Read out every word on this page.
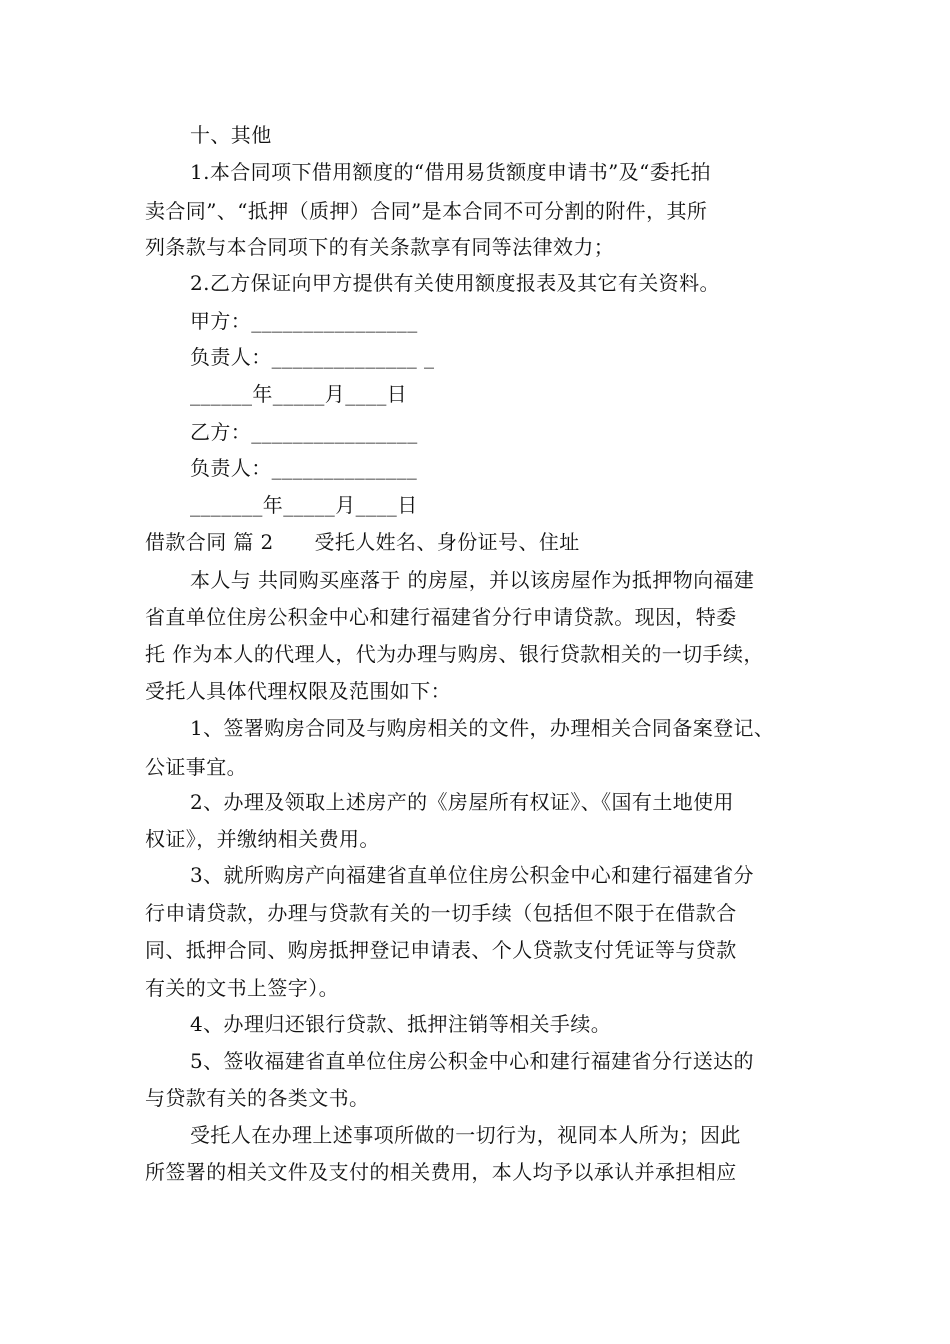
十、其他
1.本合同项下借用额度的“借用易货额度申请书”及“委托拍
卖合同”、“抵押（质押）合同”是本合同不可分割的附件，其所
列条款与本合同项下的有关条款享有同等法律效力；
2.乙方保证向甲方提供有关使用额度报表及其它有关资料。
甲方：________________
负责人：______________ _
______年_____月____日
乙方：________________
负责人：______________
_______年_____月____日
借款合同 篇 2　　受托人姓名、身份证号、住址
本人与 共同购买座落于 的房屋，并以该房屋作为抵押物向福建
省直单位住房公积金中心和建行福建省分行申请贷款。现因，特委
托 作为本人的代理人，代为办理与购房、银行贷款相关的一切手续，
受托人具体代理权限及范围如下：
1、签署购房合同及与购房相关的文件，办理相关合同备案登记、
公证事宜。
2、办理及领取上述房产的《房屋所有权证》、《国有土地使用
权证》，并缴纳相关费用。
3、就所购房产向福建省直单位住房公积金中心和建行福建省分
行申请贷款，办理与贷款有关的一切手续（包括但不限于在借款合
同、抵押合同、购房抵押登记申请表、个人贷款支付凭证等与贷款
有关的文书上签字）。
4、办理归还银行贷款、抵押注销等相关手续。
5、签收福建省直单位住房公积金中心和建行福建省分行送达的
与贷款有关的各类文书。
受托人在办理上述事项所做的一切行为，视同本人所为；因此
所签署的相关文件及支付的相关费用，本人均予以承认并承担相应
